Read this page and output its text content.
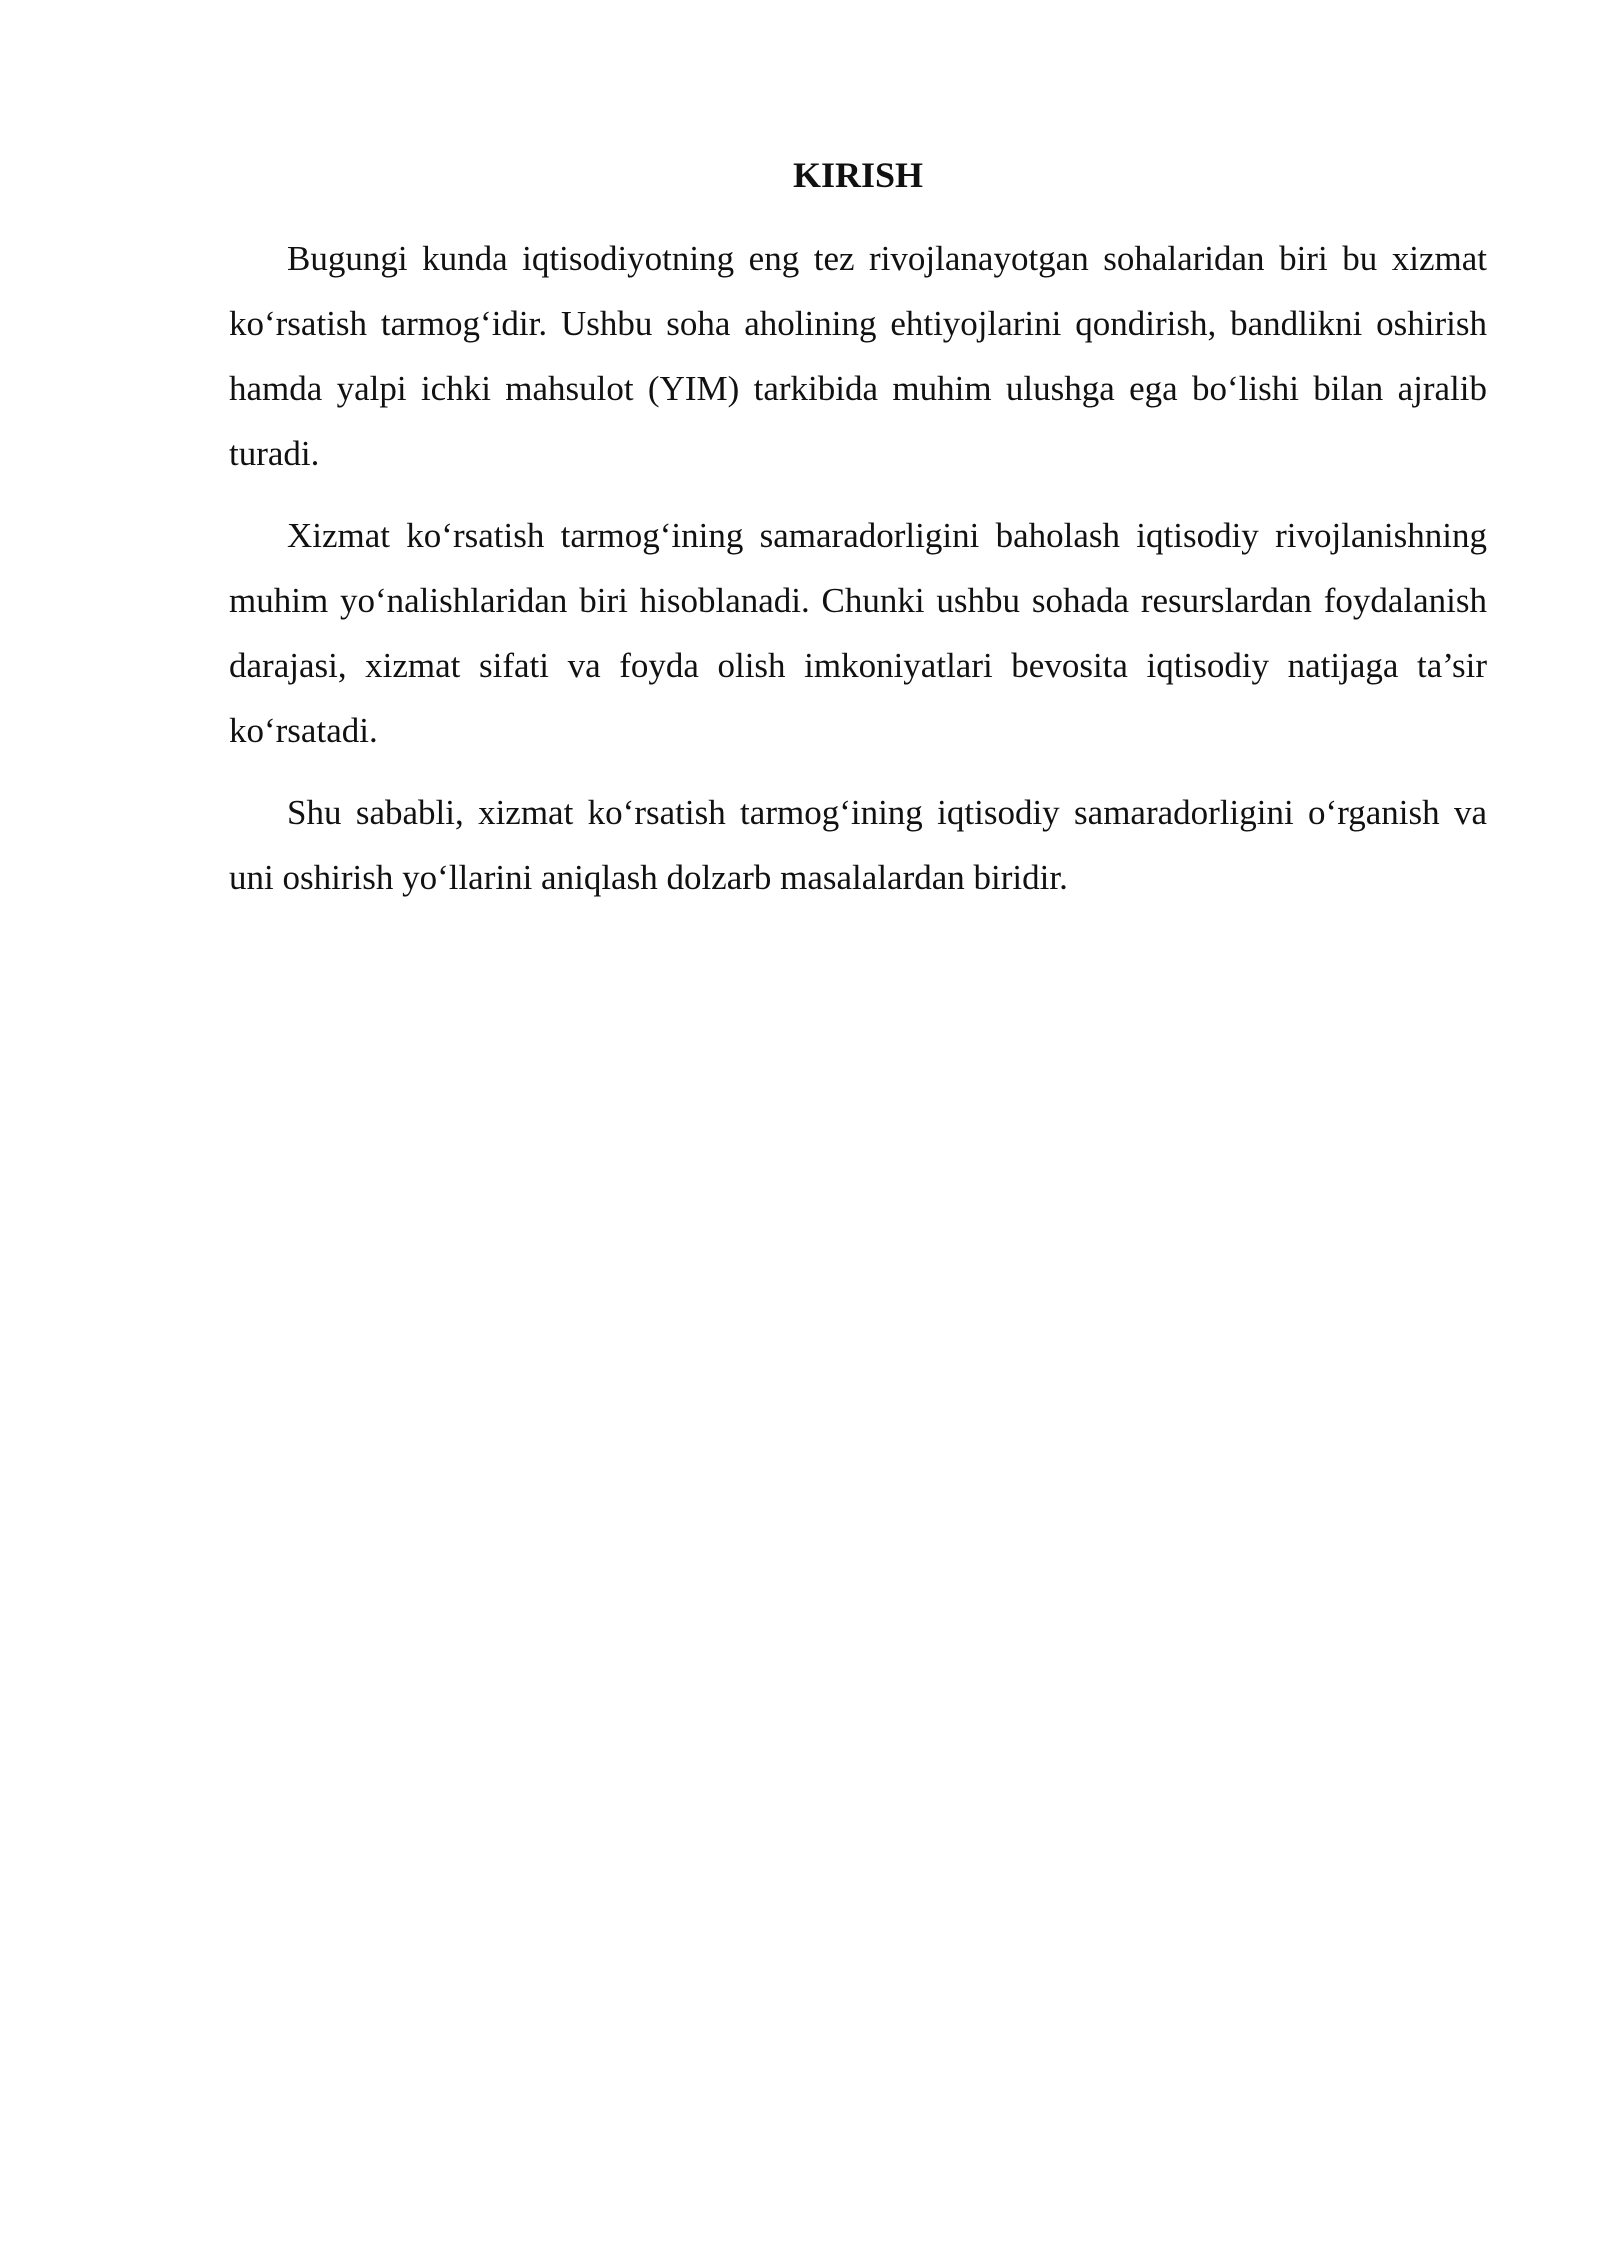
KIRISH

Bugungi kunda iqtisodiyotning eng tez rivojlanayotgan sohalaridan biri bu xizmat ko‘rsatish tarmog‘idir. Ushbu soha aholining ehtiyojlarini qondirish, bandlikni oshirish hamda yalpi ichki mahsulot (YIM) tarkibida muhim ulushga ega bo‘lishi bilan ajralib turadi.

Xizmat ko‘rsatish tarmog‘ining samaradorligini baholash iqtisodiy rivojlanishning muhim yo‘nalishlaridan biri hisoblanadi. Chunki ushbu sohada resurslardan foydalanish darajasi, xizmat sifati va foyda olish imkoniyatlari bevosita iqtisodiy natijaga ta’sir ko‘rsatadi.

Shu sababli, xizmat ko‘rsatish tarmog‘ining iqtisodiy samaradorligini o‘rganish va uni oshirish yo‘llarini aniqlash dolzarb masalalardan biridir.
